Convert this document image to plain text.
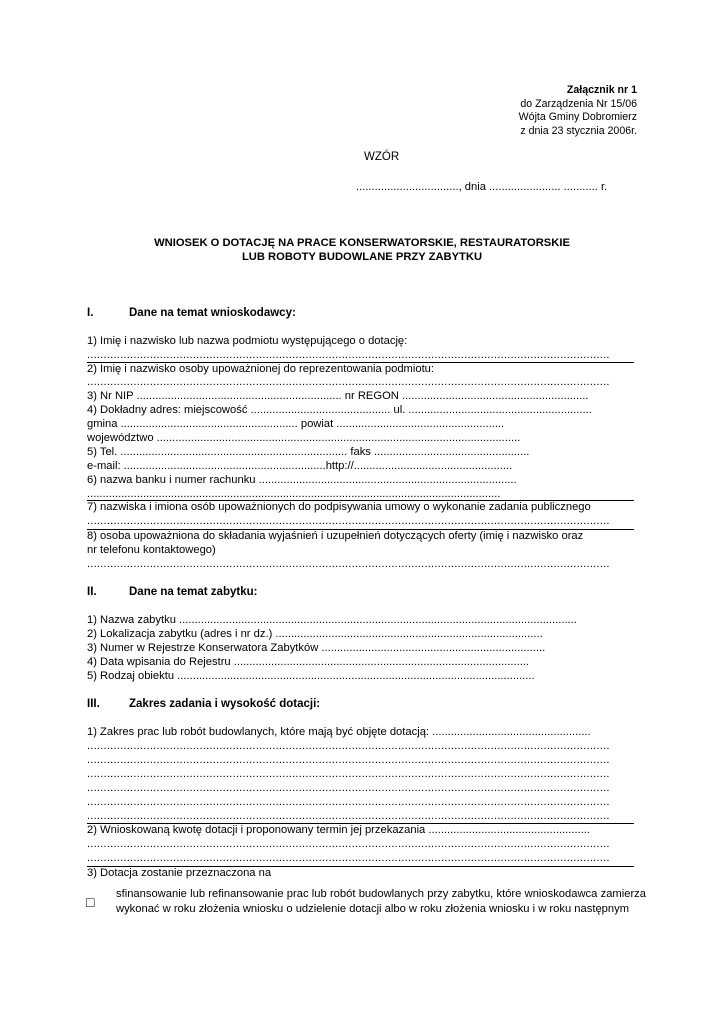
Załącznik nr 1
do Zarządzenia Nr 15/06
Wójta Gminy Dobromierz
z dnia 23 stycznia 2006r.
WZÓR
................................., dnia ....................... ........... r.
WNIOSEK O DOTACJĘ NA PRACE KONSERWATORSKIE, RESTAURATORSKIE
LUB ROBOTY BUDOWLANE PRZY ZABYTKU
I.	Dane na temat wnioskodawcy:
1) Imię i nazwisko lub nazwa podmiotu występującego o dotację:
..............................................................................................................................................................
2) Imię i nazwisko osoby upoważnionej do reprezentowania podmiotu:
..............................................................................................................................................................
3) Nr NIP .................................................................. nr REGON ............................................................
4) Dokładny adres: miejscowość ............................................. ul. ...........................................................
gmina ......................................................... powiat ......................................................
województwo .....................................................................................................................
5) Tel. ......................................................................... faks ..................................................
e-mail: .................................................................http://...................................................
6) nazwa banku i numer rachunku ...................................................................................
.....................................................................................................................................
7) nazwiska i imiona osób upoważnionych do podpisywania umowy o wykonanie zadania publicznego
..............................................................................................................................................................
8) osoba upoważniona do składania wyjaśnień i uzupełnień dotyczących oferty (imię i nazwisko oraz
nr telefonu kontaktowego)
..............................................................................................................................................................
II.	Dane na temat zabytku:
1) Nazwa zabytku ................................................................................................................................
2) Lokalizacja zabytku (adres i nr dz.) ......................................................................................
3) Numer w Rejestrze Konserwatora Zabytków ........................................................................
4) Data wpisania do Rejestru ...............................................................................................
5) Rodzaj obiektu ...................................................................................................................
III.	Zakres zadania i wysokość dotacji:
1) Zakres prac lub robót budowlanych, które mają być objęte dotacją: ...................................................
..............................................................................................................................................................
..............................................................................................................................................................
..............................................................................................................................................................
..............................................................................................................................................................
..............................................................................................................................................................
..............................................................................................................................................................
2) Wnioskowaną kwotę dotacji i proponowany termin jej przekazania ....................................................
..............................................................................................................................................................
..............................................................................................................................................................
3) Dotacja zostanie przeznaczona na
□ sfinansowanie lub refinansowanie prac lub robót budowlanych przy zabytku, które wnioskodawca zamierza wykonać w roku złożenia wniosku o udzielenie dotacji albo w roku złożenia wniosku i w roku następnym
